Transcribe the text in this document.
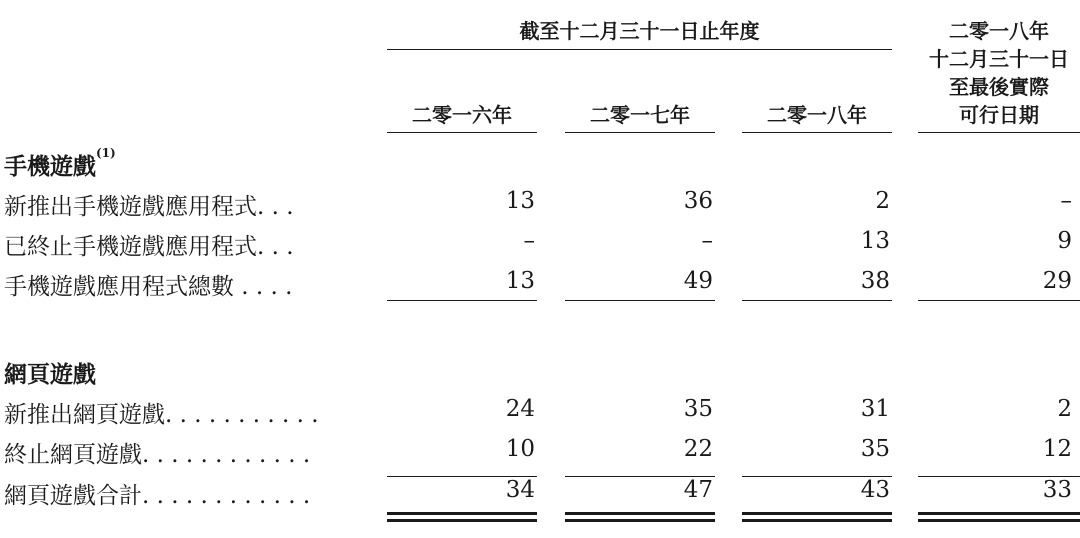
截至十二月三十一日止年度	二零一八年
十二月三十一日
至最後實際
可行日期
二零一六年	二零一七年	二零一八年
手機遊戲$^{(1)}$
新推出手機遊戲應用程式. . .	13	36	2	–
已終止手機遊戲應用程式. . .	–	–	13	9
手機遊戲應用程式總數 . . . .	13	49	38	29
網頁遊戲
新推出網頁遊戲. . . . . . . . . . .	24	35	31	2
終止網頁遊戲. . . . . . . . . . . .	10	22	35	12
網頁遊戲合計. . . . . . . . . . . .	34	47	43	33
